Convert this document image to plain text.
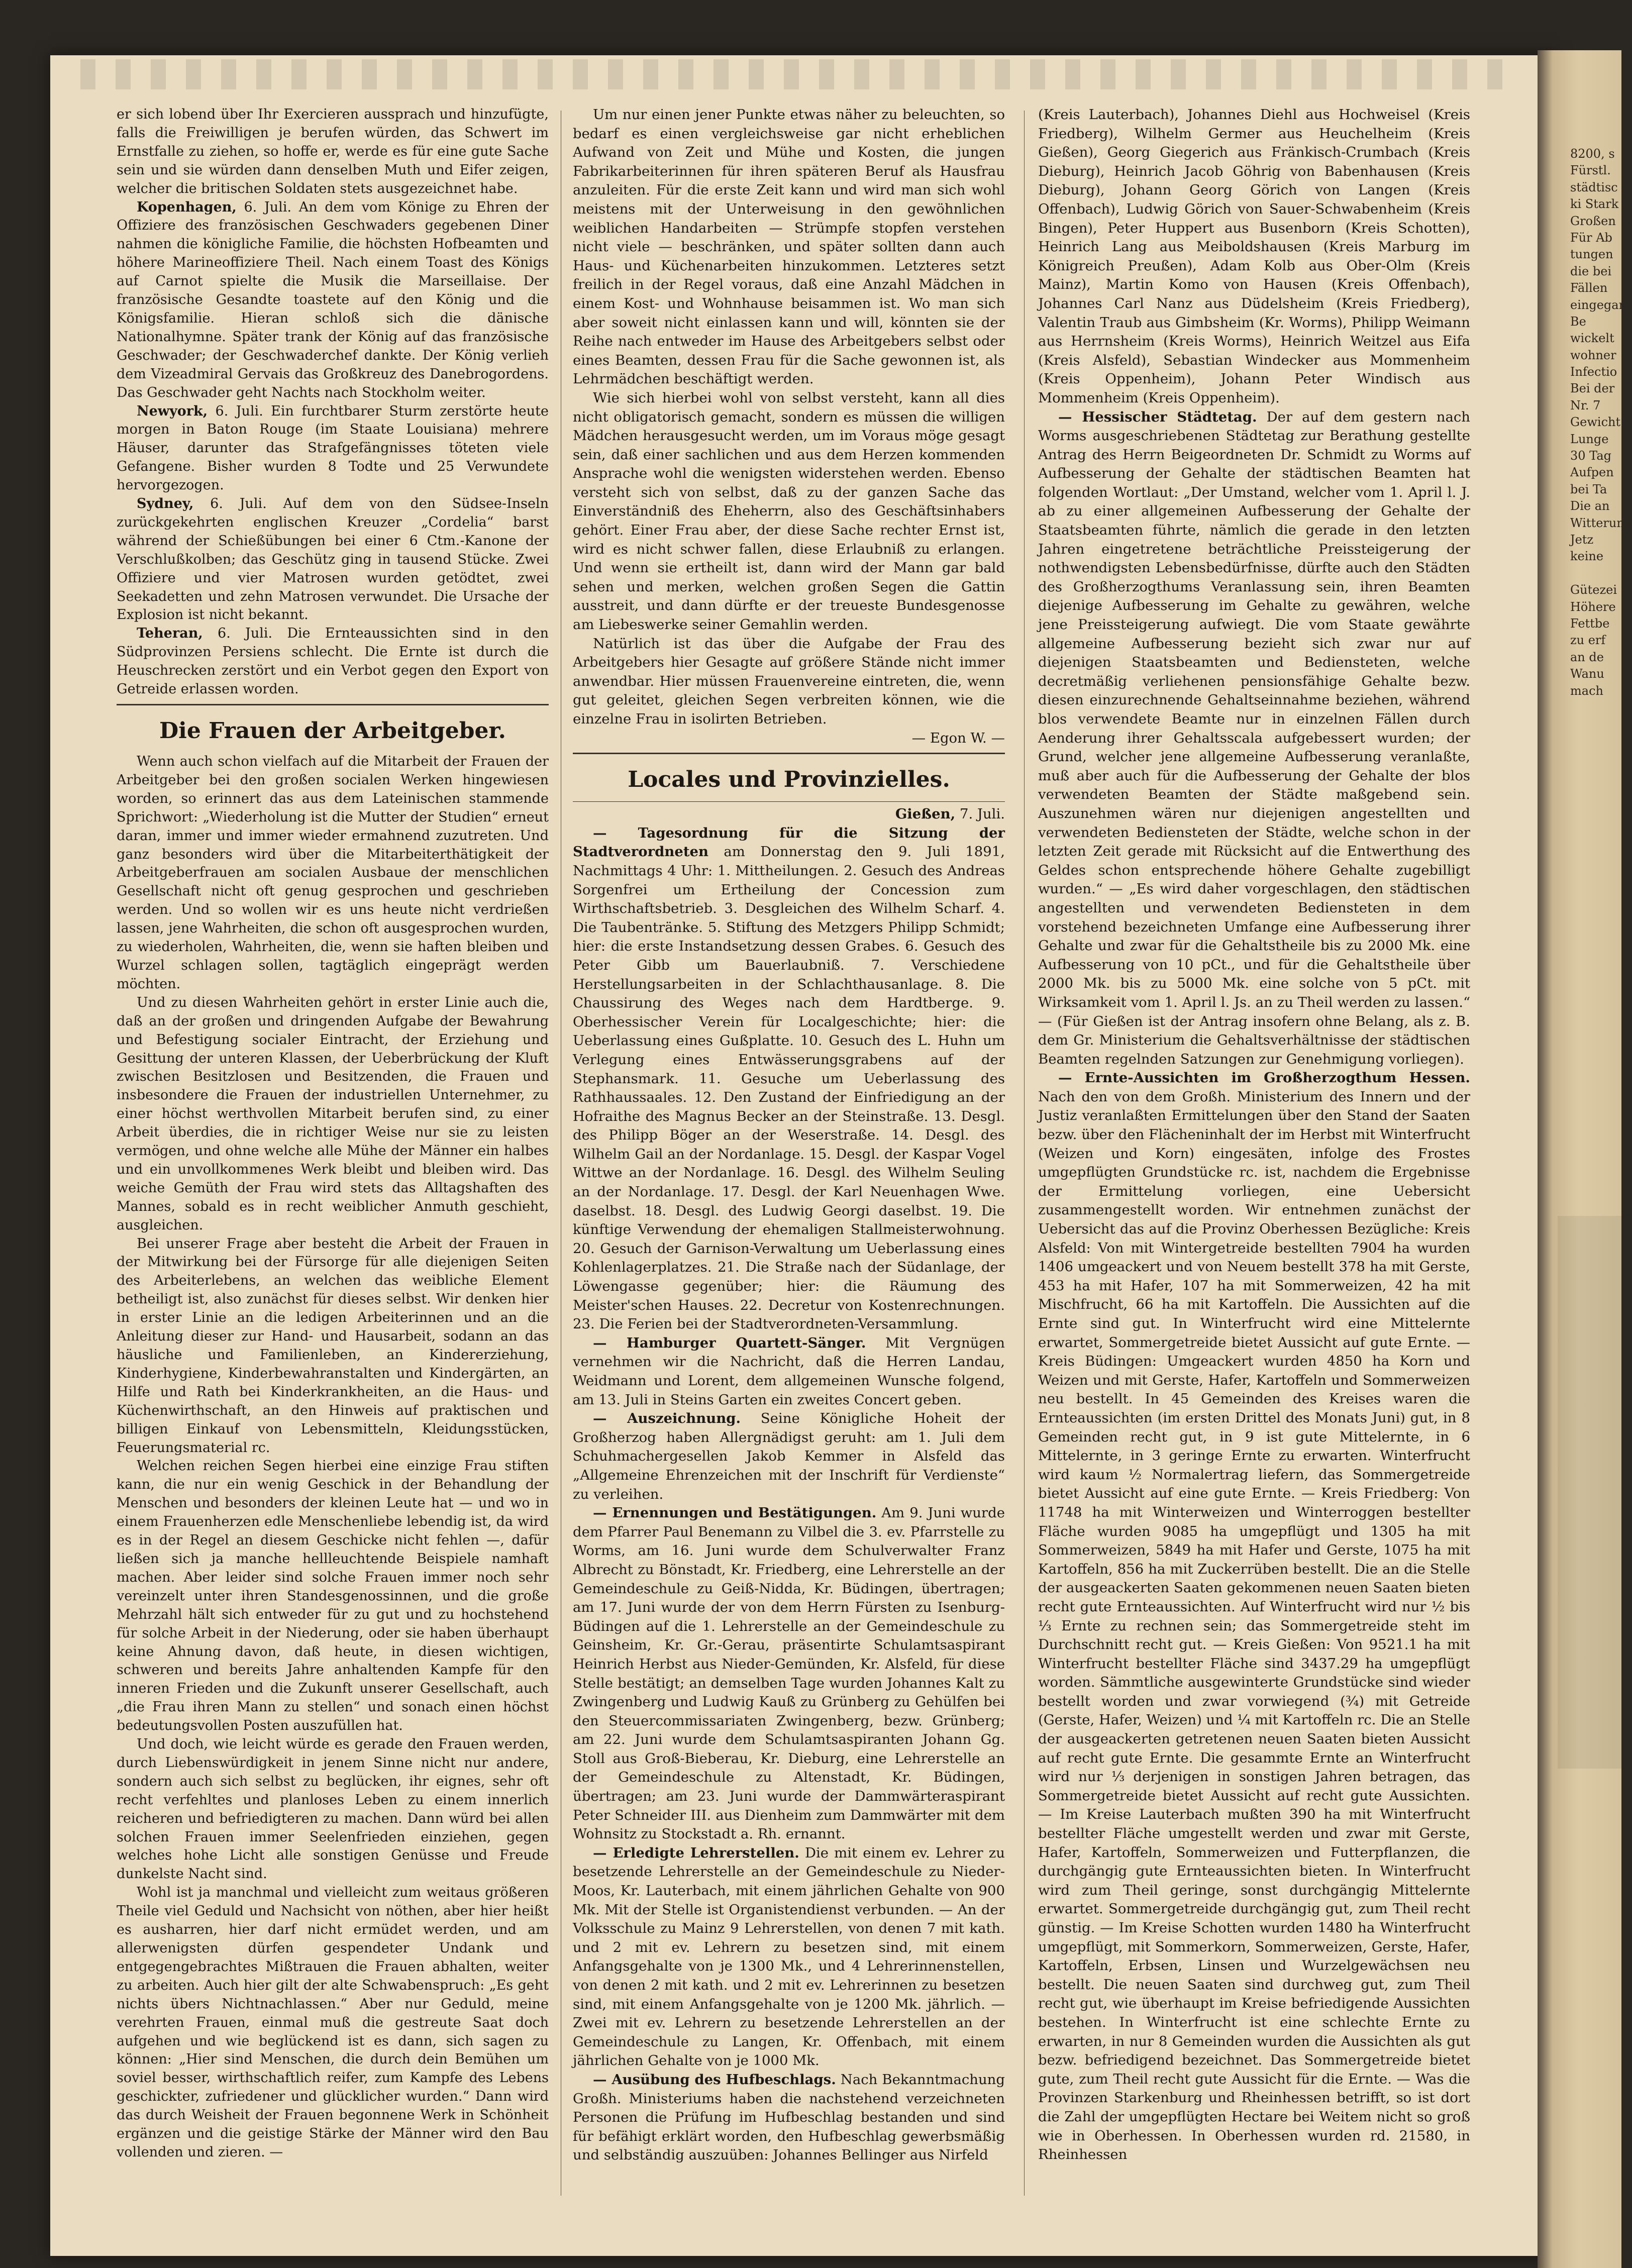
er sich lobend über Ihr Exercieren aussprach und hinzufügte, falls die Freiwilligen je berufen würden, das Schwert im Ernstfalle zu ziehen, so hoffe er, werde es für eine gute Sache sein und sie würden dann denselben Muth und Eifer zeigen, welcher die britischen Soldaten stets ausgezeichnet habe.

Kopenhagen, 6. Juli. An dem vom Könige zu Ehren der Offiziere des französischen Geschwaders gegebenen Diner nahmen die königliche Familie, die höchsten Hofbeamten und höhere Marineoffiziere Theil. Nach einem Toast des Königs auf Carnot spielte die Musik die Marseillaise. Der französische Gesandte toastete auf den König und die Königsfamilie. Hieran schloß sich die dänische Nationalhymne. Später trank der König auf das französische Geschwader; der Geschwaderchef dankte. Der König verlieh dem Vizeadmiral Gervais das Großkreuz des Danebrogordens. Das Geschwader geht Nachts nach Stockholm weiter.

Newyork, 6. Juli. Ein furchtbarer Sturm zerstörte heute morgen in Baton Rouge (im Staate Louisiana) mehrere Häuser, darunter das Strafgefängnisses töteten viele Gefangene. Bisher wurden 8 Todte und 25 Verwundete hervorgezogen.

Sydney, 6. Juli. Auf dem von den Südsee-Inseln zurückgekehrten englischen Kreuzer „Cordelia“ barst während der Schießübungen bei einer 6 Ctm.-Kanone der Verschlußkolben; das Geschütz ging in tausend Stücke. Zwei Offiziere und vier Matrosen wurden getödtet, zwei Seekadetten und zehn Matrosen verwundet. Die Ursache der Explosion ist nicht bekannt.

Teheran, 6. Juli. Die Ernteaussichten sind in den Südprovinzen Persiens schlecht. Die Ernte ist durch die Heuschrecken zerstört und ein Verbot gegen den Export von Getreide erlassen worden.

Die Frauen der Arbeitgeber.

Wenn auch schon vielfach auf die Mitarbeit der Frauen der Arbeitgeber bei den großen socialen Werken hingewiesen worden, so erinnert das aus dem Lateinischen stammende Sprichwort: „Wiederholung ist die Mutter der Studien“ erneut daran, immer und immer wieder ermahnend zuzutreten. Und ganz besonders wird über die Mitarbeiterthätigkeit der Arbeitgeberfrauen am socialen Ausbaue der menschlichen Gesellschaft nicht oft genug gesprochen und geschrieben werden. Und so wollen wir es uns heute nicht verdrießen lassen, jene Wahrheiten, die schon oft ausgesprochen wurden, zu wiederholen, Wahrheiten, die, wenn sie haften bleiben und Wurzel schlagen sollen, tagtäglich eingeprägt werden möchten.

Und zu diesen Wahrheiten gehört in erster Linie auch die, daß an der großen und dringenden Aufgabe der Bewahrung und Befestigung socialer Eintracht, der Erziehung und Gesittung der unteren Klassen, der Ueberbrückung der Kluft zwischen Besitzlosen und Besitzenden, die Frauen und insbesondere die Frauen der industriellen Unternehmer, zu einer höchst werthvollen Mitarbeit berufen sind, zu einer Arbeit überdies, die in richtiger Weise nur sie zu leisten vermögen, und ohne welche alle Mühe der Männer ein halbes und ein unvollkommenes Werk bleibt und bleiben wird. Das weiche Gemüth der Frau wird stets das Alltagshaften des Mannes, sobald es in recht weiblicher Anmuth geschieht, ausgleichen.

Bei unserer Frage aber besteht die Arbeit der Frauen in der Mitwirkung bei der Fürsorge für alle diejenigen Seiten des Arbeiterlebens, an welchen das weibliche Element betheiligt ist, also zunächst für dieses selbst. Wir denken hier in erster Linie an die ledigen Arbeiterinnen und an die Anleitung dieser zur Hand- und Hausarbeit, sodann an das häusliche und Familienleben, an Kindererziehung, Kinderhygiene, Kinderbewahranstalten und Kindergärten, an Hilfe und Rath bei Kinderkrankheiten, an die Haus- und Küchenwirthschaft, an den Hinweis auf praktischen und billigen Einkauf von Lebensmitteln, Kleidungsstücken, Feuerungsmaterial rc.

Welchen reichen Segen hierbei eine einzige Frau stiften kann, die nur ein wenig Geschick in der Behandlung der Menschen und besonders der kleinen Leute hat — und wo in einem Frauenherzen edle Menschenliebe lebendig ist, da wird es in der Regel an diesem Geschicke nicht fehlen —, dafür ließen sich ja manche hellleuchtende Beispiele namhaft machen. Aber leider sind solche Frauen immer noch sehr vereinzelt unter ihren Standesgenossinnen, und die große Mehrzahl hält sich entweder für zu gut und zu hochstehend für solche Arbeit in der Niederung, oder sie haben überhaupt keine Ahnung davon, daß heute, in diesen wichtigen, schweren und bereits Jahre anhaltenden Kampfe für den inneren Frieden und die Zukunft unserer Gesellschaft, auch „die Frau ihren Mann zu stellen“ und sonach einen höchst bedeutungsvollen Posten auszufüllen hat.

Und doch, wie leicht würde es gerade den Frauen werden, durch Liebenswürdigkeit in jenem Sinne nicht nur andere, sondern auch sich selbst zu beglücken, ihr eignes, sehr oft recht verfehltes und planloses Leben zu einem innerlich reicheren und befriedigteren zu machen. Dann würd bei allen solchen Frauen immer Seelenfrieden einziehen, gegen welches hohe Licht alle sonstigen Genüsse und Freude dunkelste Nacht sind.

Wohl ist ja manchmal und vielleicht zum weitaus größeren Theile viel Geduld und Nachsicht von nöthen, aber hier heißt es ausharren, hier darf nicht ermüdet werden, und am allerwenigsten dürfen gespendeter Undank und entgegengebrachtes Mißtrauen die Frauen abhalten, weiter zu arbeiten. Auch hier gilt der alte Schwabenspruch: „Es geht nichts übers Nichtnachlassen.“ Aber nur Geduld, meine verehrten Frauen, einmal muß die gestreute Saat doch aufgehen und wie beglückend ist es dann, sich sagen zu können: „Hier sind Menschen, die durch dein Bemühen um soviel besser, wirthschaftlich reifer, zum Kampfe des Lebens geschickter, zufriedener und glücklicher wurden.“ Dann wird das durch Weisheit der Frauen begonnene Werk in Schönheit ergänzen und die geistige Stärke der Männer wird den Bau vollenden und zieren. —

Um nur einen jener Punkte etwas näher zu beleuchten, so bedarf es einen vergleichsweise gar nicht erheblichen Aufwand von Zeit und Mühe und Kosten, die jungen Fabrikarbeiterinnen für ihren späteren Beruf als Hausfrau anzuleiten. Für die erste Zeit kann und wird man sich wohl meistens mit der Unterweisung in den gewöhnlichen weiblichen Handarbeiten — Strümpfe stopfen verstehen nicht viele — beschränken, und später sollten dann auch Haus- und Küchenarbeiten hinzukommen. Letzteres setzt freilich in der Regel voraus, daß eine Anzahl Mädchen in einem Kost- und Wohnhause beisammen ist. Wo man sich aber soweit nicht einlassen kann und will, könnten sie der Reihe nach entweder im Hause des Arbeitgebers selbst oder eines Beamten, dessen Frau für die Sache gewonnen ist, als Lehrmädchen beschäftigt werden.

Wie sich hierbei wohl von selbst versteht, kann all dies nicht obligatorisch gemacht, sondern es müssen die willigen Mädchen herausgesucht werden, um im Voraus möge gesagt sein, daß einer sachlichen und aus dem Herzen kommenden Ansprache wohl die wenigsten widerstehen werden. Ebenso versteht sich von selbst, daß zu der ganzen Sache das Einverständniß des Eheherrn, also des Geschäftsinhabers gehört. Einer Frau aber, der diese Sache rechter Ernst ist, wird es nicht schwer fallen, diese Erlaubniß zu erlangen. Und wenn sie ertheilt ist, dann wird der Mann gar bald sehen und merken, welchen großen Segen die Gattin ausstreit, und dann dürfte er der treueste Bundesgenosse am Liebeswerke seiner Gemahlin werden.

Natürlich ist das über die Aufgabe der Frau des Arbeitgebers hier Gesagte auf größere Stände nicht immer anwendbar. Hier müssen Frauenvereine eintreten, die, wenn gut geleitet, gleichen Segen verbreiten können, wie die einzelne Frau in isolirten Betrieben.

— Egon W. —

Locales und Provinzielles.

Gießen, 7. Juli.

— Tagesordnung für die Sitzung der Stadtverordneten am Donnerstag den 9. Juli 1891, Nachmittags 4 Uhr: 1. Mittheilungen. 2. Gesuch des Andreas Sorgenfrei um Ertheilung der Concession zum Wirthschaftsbetrieb. 3. Desgleichen des Wilhelm Scharf. 4. Die Taubentränke. 5. Stiftung des Metzgers Philipp Schmidt; hier: die erste Instandsetzung dessen Grabes. 6. Gesuch des Peter Gibb um Bauerlaubniß. 7. Verschiedene Herstellungsarbeiten in der Schlachthausanlage. 8. Die Chaussirung des Weges nach dem Hardtberge. 9. Oberhessischer Verein für Localgeschichte; hier: die Ueberlassung eines Gußplatte. 10. Gesuch des L. Huhn um Verlegung eines Entwässerungsgrabens auf der Stephansmark. 11. Gesuche um Ueberlassung des Rathhaussaales. 12. Den Zustand der Einfriedigung an der Hofraithe des Magnus Becker an der Steinstraße. 13. Desgl. des Philipp Böger an der Weserstraße. 14. Desgl. des Wilhelm Gail an der Nordanlage. 15. Desgl. der Kaspar Vogel Wittwe an der Nordanlage. 16. Desgl. des Wilhelm Seuling an der Nordanlage. 17. Desgl. der Karl Neuenhagen Wwe. daselbst. 18. Desgl. des Ludwig Georgi daselbst. 19. Die künftige Verwendung der ehemaligen Stallmeisterwohnung. 20. Gesuch der Garnison-Verwaltung um Ueberlassung eines Kohlenlagerplatzes. 21. Die Straße nach der Südanlage, der Löwengasse gegenüber; hier: die Räumung des Meister'schen Hauses. 22. Decretur von Kostenrechnungen. 23. Die Ferien bei der Stadtverordneten-Versammlung.

— Hamburger Quartett-Sänger. Mit Vergnügen vernehmen wir die Nachricht, daß die Herren Landau, Weidmann und Lorent, dem allgemeinen Wunsche folgend, am 13. Juli in Steins Garten ein zweites Concert geben.

— Auszeichnung. Seine Königliche Hoheit der Großherzog haben Allergnädigst geruht: am 1. Juli dem Schuhmachergesellen Jakob Kemmer in Alsfeld das „Allgemeine Ehrenzeichen mit der Inschrift für Verdienste“ zu verleihen.

— Ernennungen und Bestätigungen. Am 9. Juni wurde dem Pfarrer Paul Benemann zu Vilbel die 3. ev. Pfarrstelle zu Worms, am 16. Juni wurde dem Schulverwalter Franz Albrecht zu Bönstadt, Kr. Friedberg, eine Lehrerstelle an der Gemeindeschule zu Geiß-Nidda, Kr. Büdingen, übertragen; am 17. Juni wurde der von dem Herrn Fürsten zu Isenburg-Büdingen auf die 1. Lehrerstelle an der Gemeindeschule zu Geinsheim, Kr. Gr.-Gerau, präsentirte Schulamtsaspirant Heinrich Herbst aus Nieder-Gemünden, Kr. Alsfeld, für diese Stelle bestätigt; an demselben Tage wurden Johannes Kalt zu Zwingenberg und Ludwig Kauß zu Grünberg zu Gehülfen bei den Steuercommissariaten Zwingenberg, bezw. Grünberg; am 22. Juni wurde dem Schulamtsaspiranten Johann Gg. Stoll aus Groß-Bieberau, Kr. Dieburg, eine Lehrerstelle an der Gemeindeschule zu Altenstadt, Kr. Büdingen, übertragen; am 23. Juni wurde der Dammwärteraspirant Peter Schneider III. aus Dienheim zum Dammwärter mit dem Wohnsitz zu Stockstadt a. Rh. ernannt.

— Erledigte Lehrerstellen. Die mit einem ev. Lehrer zu besetzende Lehrerstelle an der Gemeindeschule zu Nieder-Moos, Kr. Lauterbach, mit einem jährlichen Gehalte von 900 Mk. Mit der Stelle ist Organistendienst verbunden. — An der Volksschule zu Mainz 9 Lehrerstellen, von denen 7 mit kath. und 2 mit ev. Lehrern zu besetzen sind, mit einem Anfangsgehalte von je 1300 Mk., und 4 Lehrerinnenstellen, von denen 2 mit kath. und 2 mit ev. Lehrerinnen zu besetzen sind, mit einem Anfangsgehalte von je 1200 Mk. jährlich. — Zwei mit ev. Lehrern zu besetzende Lehrerstellen an der Gemeindeschule zu Langen, Kr. Offenbach, mit einem jährlichen Gehalte von je 1000 Mk.

— Ausübung des Hufbeschlags. Nach Bekanntmachung Großh. Ministeriums haben die nachstehend verzeichneten Personen die Prüfung im Hufbeschlag bestanden und sind für befähigt erklärt worden, den Hufbeschlag gewerbsmäßig und selbständig auszuüben: Johannes Bellinger aus Nirfeld

(Kreis Lauterbach), Johannes Diehl aus Hochweisel (Kreis Friedberg), Wilhelm Germer aus Heuchelheim (Kreis Gießen), Georg Giegerich aus Fränkisch-Crumbach (Kreis Dieburg), Heinrich Jacob Göhrig von Babenhausen (Kreis Dieburg), Johann Georg Görich von Langen (Kreis Offenbach), Ludwig Görich von Sauer-Schwabenheim (Kreis Bingen), Peter Huppert aus Busenborn (Kreis Schotten), Heinrich Lang aus Meiboldshausen (Kreis Marburg im Königreich Preußen), Adam Kolb aus Ober-Olm (Kreis Mainz), Martin Komo von Hausen (Kreis Offenbach), Johannes Carl Nanz aus Düdelsheim (Kreis Friedberg), Valentin Traub aus Gimbsheim (Kr. Worms), Philipp Weimann aus Herrnsheim (Kreis Worms), Heinrich Weitzel aus Eifa (Kreis Alsfeld), Sebastian Windecker aus Mommenheim (Kreis Oppenheim), Johann Peter Windisch aus Mommenheim (Kreis Oppenheim).

— Hessischer Städtetag. Der auf dem gestern nach Worms ausgeschriebenen Städtetag zur Berathung gestellte Antrag des Herrn Beigeordneten Dr. Schmidt zu Worms auf Aufbesserung der Gehalte der städtischen Beamten hat folgenden Wortlaut: „Der Umstand, welcher vom 1. April l. J. ab zu einer allgemeinen Aufbesserung der Gehalte der Staatsbeamten führte, nämlich die gerade in den letzten Jahren eingetretene beträchtliche Preissteigerung der nothwendigsten Lebensbedürfnisse, dürfte auch den Städten des Großherzogthums Veranlassung sein, ihren Beamten diejenige Aufbesserung im Gehalte zu gewähren, welche jene Preissteigerung aufwiegt. Die vom Staate gewährte allgemeine Aufbesserung bezieht sich zwar nur auf diejenigen Staatsbeamten und Bediensteten, welche decretmäßig verliehenen pensionsfähige Gehalte bezw. diesen einzurechnende Gehaltseinnahme beziehen, während blos verwendete Beamte nur in einzelnen Fällen durch Aenderung ihrer Gehaltsscala aufgebessert wurden; der Grund, welcher jene allgemeine Aufbesserung veranlaßte, muß aber auch für die Aufbesserung der Gehalte der blos verwendeten Beamten der Städte maßgebend sein. Auszunehmen wären nur diejenigen angestellten und verwendeten Bediensteten der Städte, welche schon in der letzten Zeit gerade mit Rücksicht auf die Entwerthung des Geldes schon entsprechende höhere Gehalte zugebilligt wurden.“ — „Es wird daher vorgeschlagen, den städtischen angestellten und verwendeten Bediensteten in dem vorstehend bezeichneten Umfange eine Aufbesserung ihrer Gehalte und zwar für die Gehaltstheile bis zu 2000 Mk. eine Aufbesserung von 10 pCt., und für die Gehaltstheile über 2000 Mk. bis zu 5000 Mk. eine solche von 5 pCt. mit Wirksamkeit vom 1. April l. Js. an zu Theil werden zu lassen.“ — (Für Gießen ist der Antrag insofern ohne Belang, als z. B. dem Gr. Ministerium die Gehaltsverhältnisse der städtischen Beamten regelnden Satzungen zur Genehmigung vorliegen).

— Ernte-Aussichten im Großherzogthum Hessen. Nach den von dem Großh. Ministerium des Innern und der Justiz veranlaßten Ermittelungen über den Stand der Saaten bezw. über den Flächeninhalt der im Herbst mit Winterfrucht (Weizen und Korn) eingesäten, infolge des Frostes umgepflügten Grundstücke rc. ist, nachdem die Ergebnisse der Ermittelung vorliegen, eine Uebersicht zusammengestellt worden. Wir entnehmen zunächst der Uebersicht das auf die Provinz Oberhessen Bezügliche: Kreis Alsfeld: Von mit Wintergetreide bestellten 7904 ha wurden 1406 umgeackert und von Neuem bestellt 378 ha mit Gerste, 453 ha mit Hafer, 107 ha mit Sommerweizen, 42 ha mit Mischfrucht, 66 ha mit Kartoffeln. Die Aussichten auf die Ernte sind gut. In Winterfrucht wird eine Mittelernte erwartet, Sommergetreide bietet Aussicht auf gute Ernte. — Kreis Büdingen: Umgeackert wurden 4850 ha Korn und Weizen und mit Gerste, Hafer, Kartoffeln und Sommerweizen neu bestellt. In 45 Gemeinden des Kreises waren die Ernteaussichten (im ersten Drittel des Monats Juni) gut, in 8 Gemeinden recht gut, in 9 ist gute Mittelernte, in 6 Mittelernte, in 3 geringe Ernte zu erwarten. Winterfrucht wird kaum ½ Normalertrag liefern, das Sommergetreide bietet Aussicht auf eine gute Ernte. — Kreis Friedberg: Von 11748 ha mit Winterweizen und Winterroggen bestellter Fläche wurden 9085 ha umgepflügt und 1305 ha mit Sommerweizen, 5849 ha mit Hafer und Gerste, 1075 ha mit Kartoffeln, 856 ha mit Zuckerrüben bestellt. Die an die Stelle der ausgeackerten Saaten gekommenen neuen Saaten bieten recht gute Ernteaussichten. Auf Winterfrucht wird nur ½ bis ⅓ Ernte zu rechnen sein; das Sommergetreide steht im Durchschnitt recht gut. — Kreis Gießen: Von 9521.1 ha mit Winterfrucht bestellter Fläche sind 3437.29 ha umgepflügt worden. Sämmtliche ausgewinterte Grundstücke sind wieder bestellt worden und zwar vorwiegend (¾) mit Getreide (Gerste, Hafer, Weizen) und ¼ mit Kartoffeln rc. Die an Stelle der ausgeackerten getretenen neuen Saaten bieten Aussicht auf recht gute Ernte. Die gesammte Ernte an Winterfrucht wird nur ⅓ derjenigen in sonstigen Jahren betragen, das Sommergetreide bietet Aussicht auf recht gute Aussichten. — Im Kreise Lauterbach mußten 390 ha mit Winterfrucht bestellter Fläche umgestellt werden und zwar mit Gerste, Hafer, Kartoffeln, Sommerweizen und Futterpflanzen, die durchgängig gute Ernteaussichten bieten. In Winterfrucht wird zum Theil geringe, sonst durchgängig Mittelernte erwartet. Sommergetreide durchgängig gut, zum Theil recht günstig. — Im Kreise Schotten wurden 1480 ha Winterfrucht umgepflügt, mit Sommerkorn, Sommerweizen, Gerste, Hafer, Kartoffeln, Erbsen, Linsen und Wurzelgewächsen neu bestellt. Die neuen Saaten sind durchweg gut, zum Theil recht gut, wie überhaupt im Kreise befriedigende Aussichten bestehen. In Winterfrucht ist eine schlechte Ernte zu erwarten, in nur 8 Gemeinden wurden die Aussichten als gut bezw. befriedigend bezeichnet. Das Sommergetreide bietet gute, zum Theil recht gute Aussicht für die Ernte. — Was die Provinzen Starkenburg und Rheinhessen betrifft, so ist dort die Zahl der umgepflügten Hectare bei Weitem nicht so groß wie in Oberhessen. In Oberhessen wurden rd. 21580, in Rheinhessen

8200, s
Fürstl.
städtisc
ki Stark
Großen
Für Ab
tungen
die bei
Fällen
eingegan
Be
wickelt
wohner
Infectio
Bei der
Nr. 7
Gewicht
Lunge
30 Tag
Aufpen
bei Ta
Die an
Witterung
Jetz
keine
Gütezei
Höhere
Fettbe
zu erf
an de
Wanu
mach
